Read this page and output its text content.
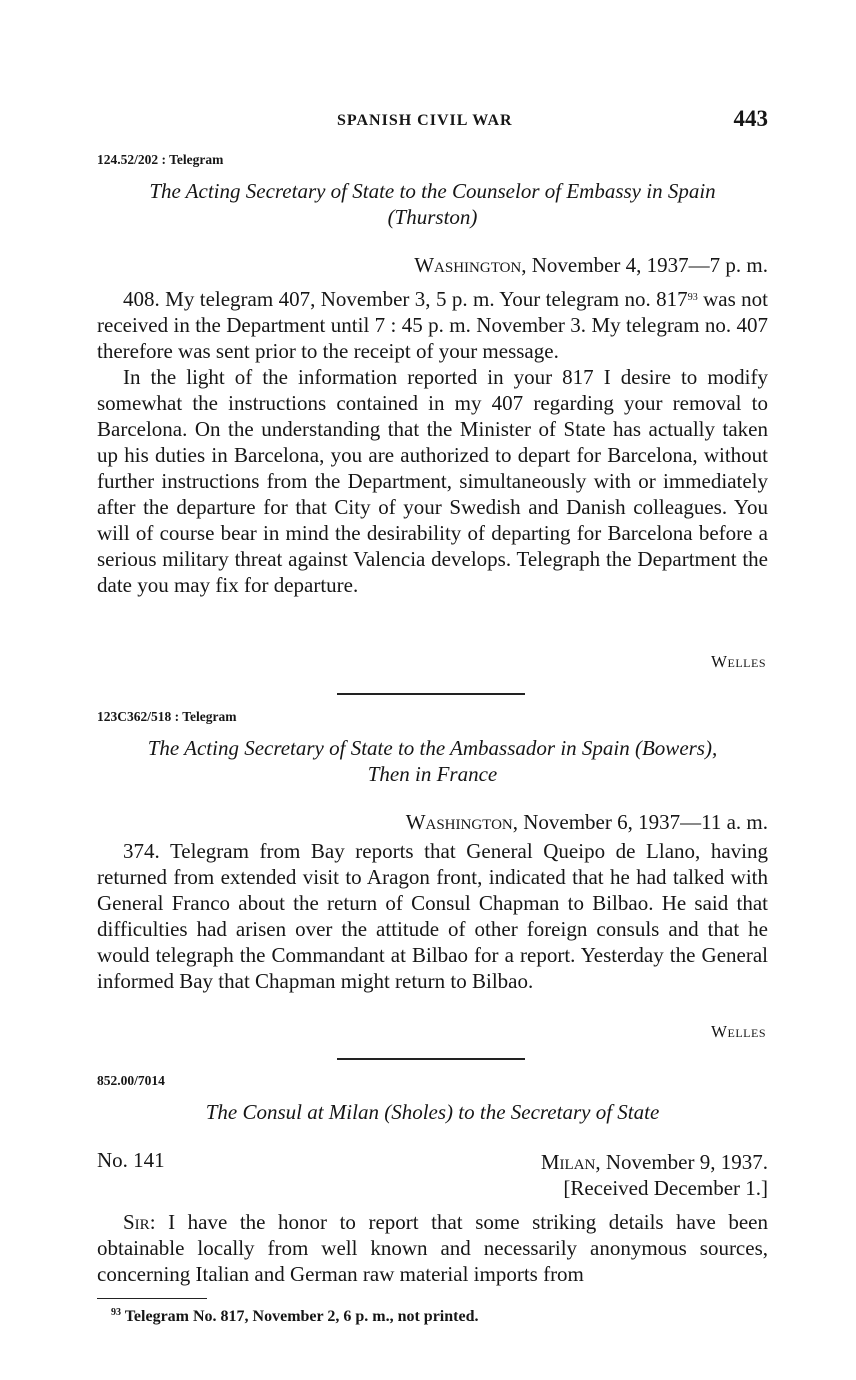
SPANISH CIVIL WAR	443
124.52/202 : Telegram
The Acting Secretary of State to the Counselor of Embassy in Spain
(Thurston)
Washington, November 4, 1937—7 p. m.

408. My telegram 407, November 3, 5 p. m. Your telegram no. $817^{93}$ was not received in the Department until 7 : 45 p. m. November 3. My telegram no. 407 therefore was sent prior to the receipt of your message.

In the light of the information reported in your 817 I desire to modify somewhat the instructions contained in my 407 regarding your removal to Barcelona. On the understanding that the Minister of State has actually taken up his duties in Barcelona, you are authorized to depart for Barcelona, without further instructions from the Department, simultaneously with or immediately after the departure for that City of your Swedish and Danish colleagues. You will of course bear in mind the desirability of departing for Barcelona before a serious military threat against Valencia develops. Telegraph the Department the date you may fix for departure.

Welles
123C362/518 : Telegram
The Acting Secretary of State to the Ambassador in Spain (Bowers),
Then in France
Washington, November 6, 1937—11 a. m.

374. Telegram from Bay reports that General Queipo de Llano, having returned from extended visit to Aragon front, indicated that he had talked with General Franco about the return of Consul Chapman to Bilbao. He said that difficulties had arisen over the attitude of other foreign consuls and that he would telegraph the Commandant at Bilbao for a report. Yesterday the General informed Bay that Chapman might return to Bilbao.

Welles
852.00/7014
The Consul at Milan (Sholes) to the Secretary of State
No. 141	Milan, November 9, 1937.
[Received December 1.]

Sir: I have the honor to report that some striking details have been obtainable locally from well known and necessarily anonymous sources, concerning Italian and German raw material imports from

$^{93}$ Telegram No. 817, November 2, 6 p. m., not printed.
